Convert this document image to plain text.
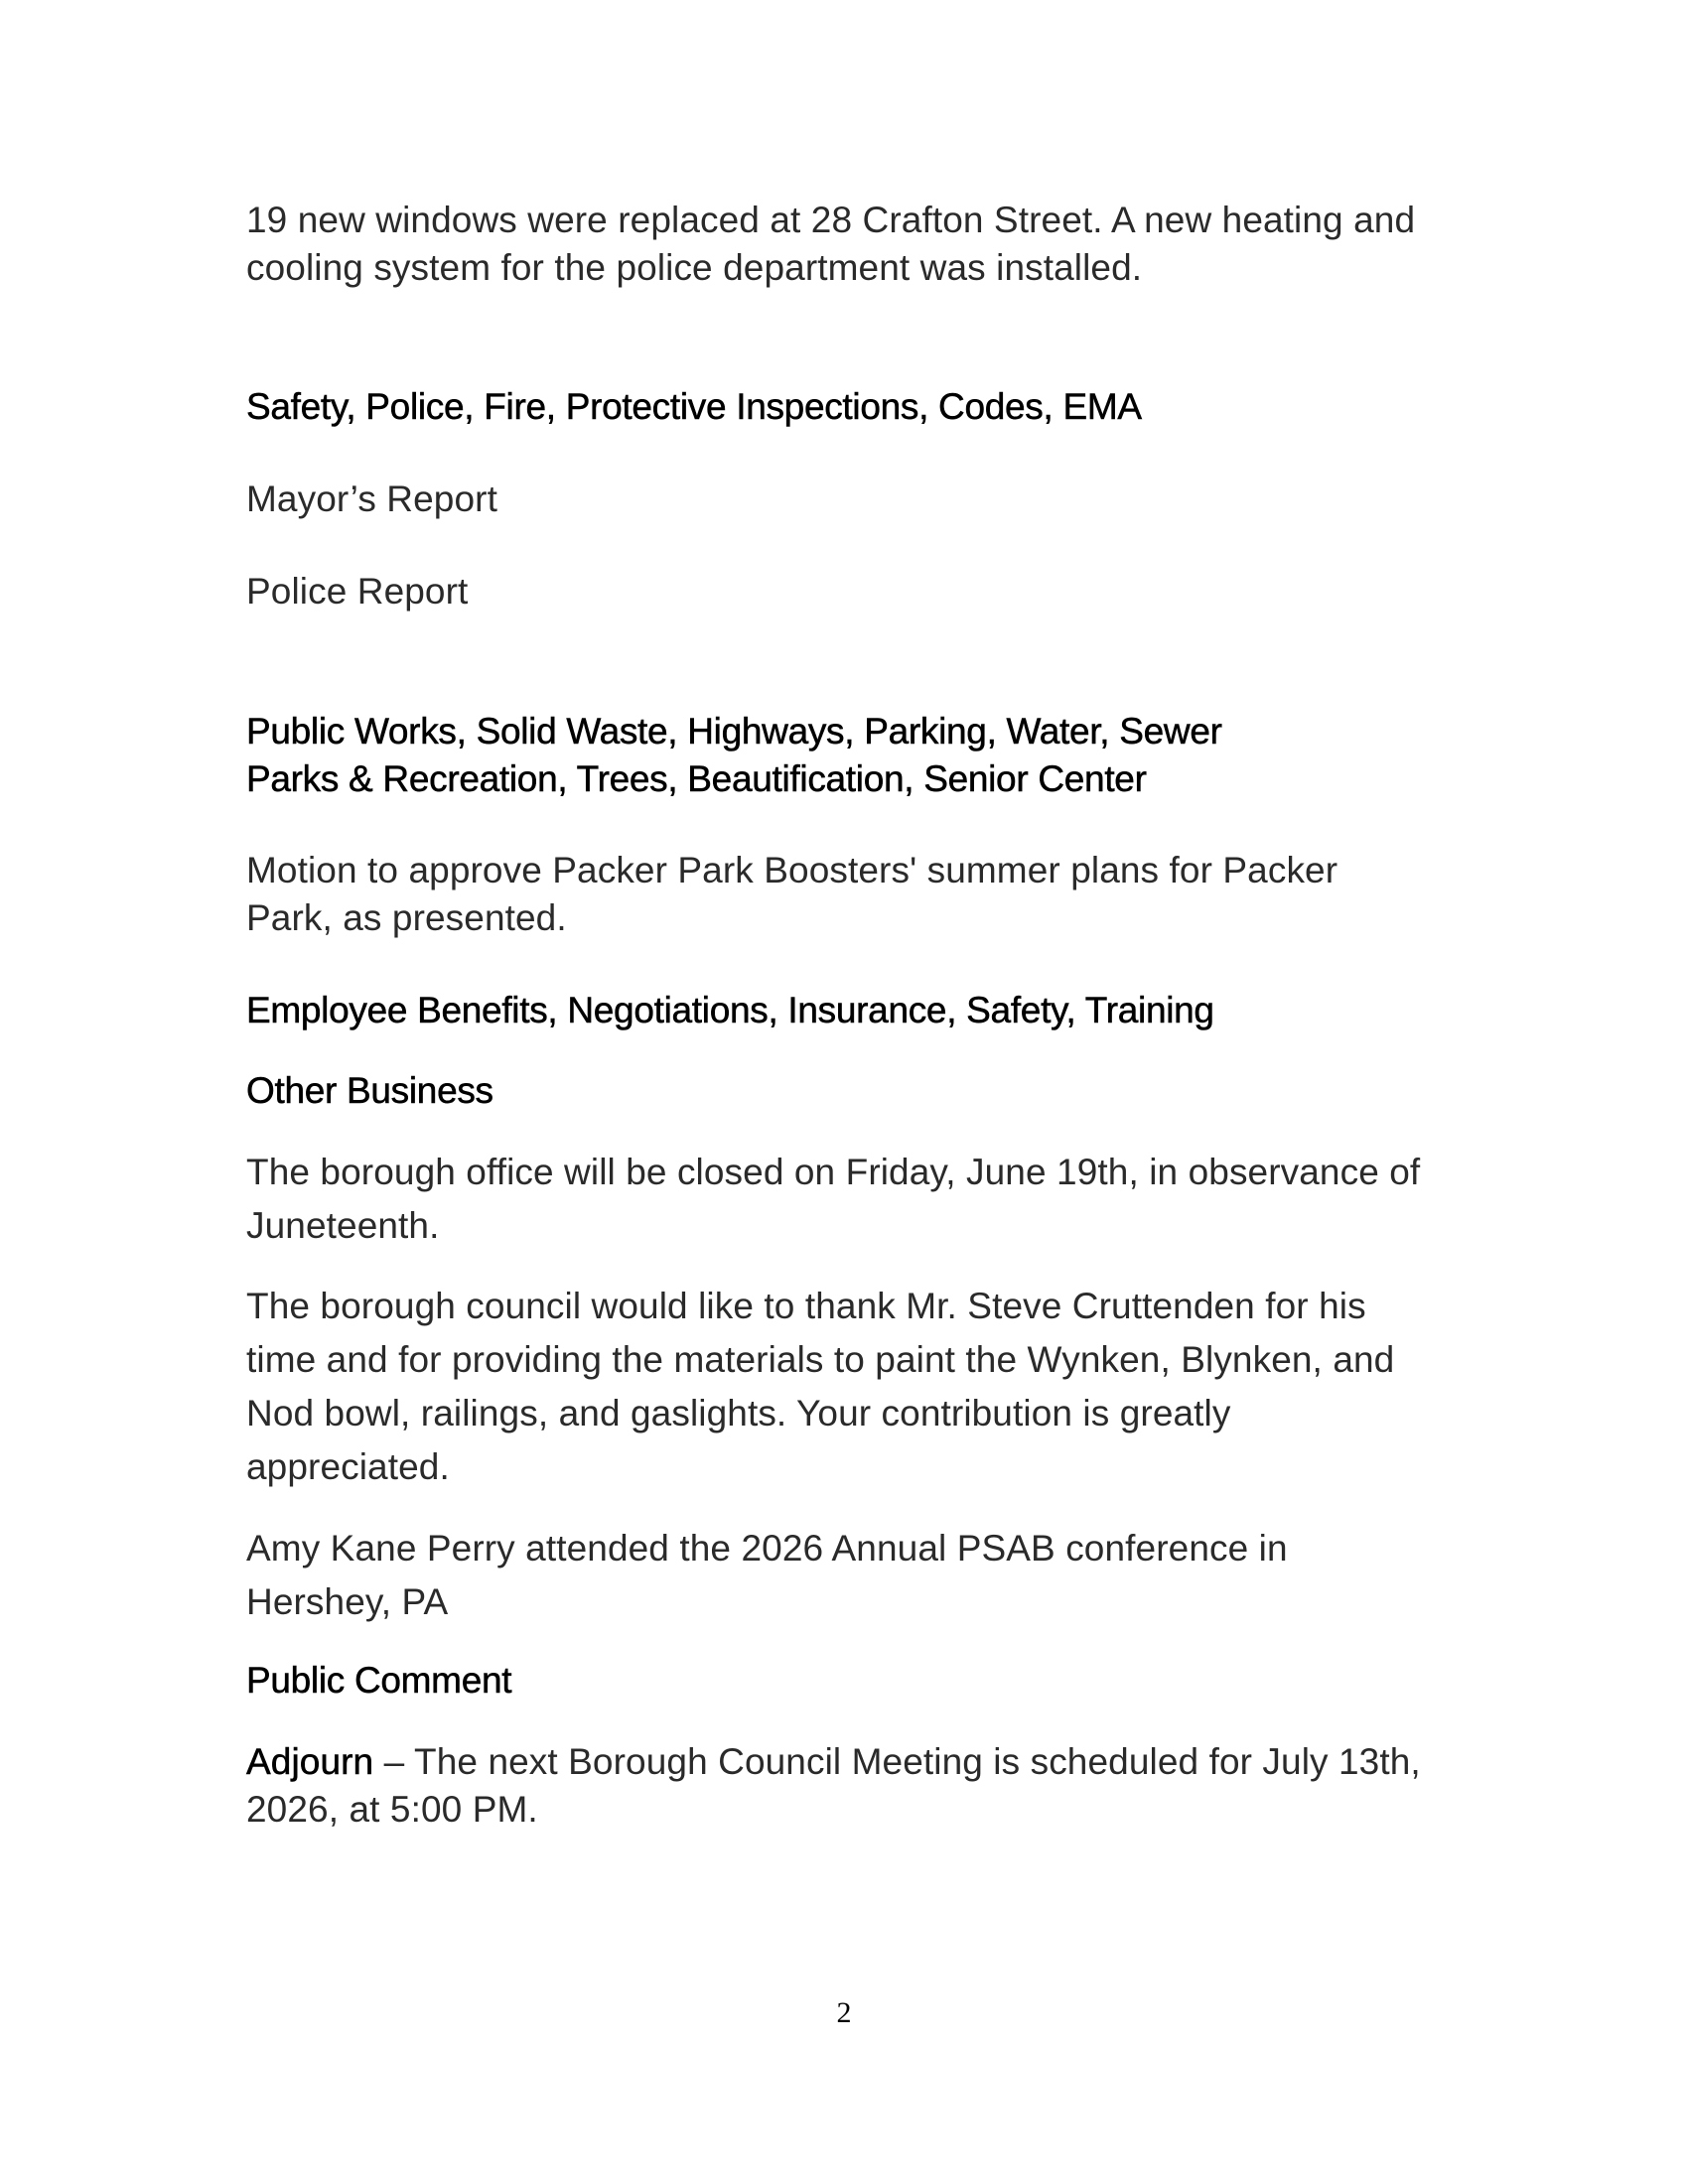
19 new windows were replaced at 28 Crafton Street. A new heating and
cooling system for the police department was installed.

Safety, Police, Fire, Protective Inspections, Codes, EMA

Mayor’s Report

Police Report

Public Works, Solid Waste, Highways, Parking, Water, Sewer
Parks & Recreation, Trees, Beautification, Senior Center

Motion to approve Packer Park Boosters' summer plans for Packer
Park, as presented.

Employee Benefits, Negotiations, Insurance, Safety, Training

Other Business

The borough office will be closed on Friday, June 19th, in observance of
Juneteenth.

The borough council would like to thank Mr. Steve Cruttenden for his
time and for providing the materials to paint the Wynken, Blynken, and
Nod bowl, railings, and gaslights. Your contribution is greatly
appreciated.

Amy Kane Perry attended the 2026 Annual PSAB conference in
Hershey, PA

Public Comment

Adjourn – The next Borough Council Meeting is scheduled for July 13th,
2026, at 5:00 PM.

2
